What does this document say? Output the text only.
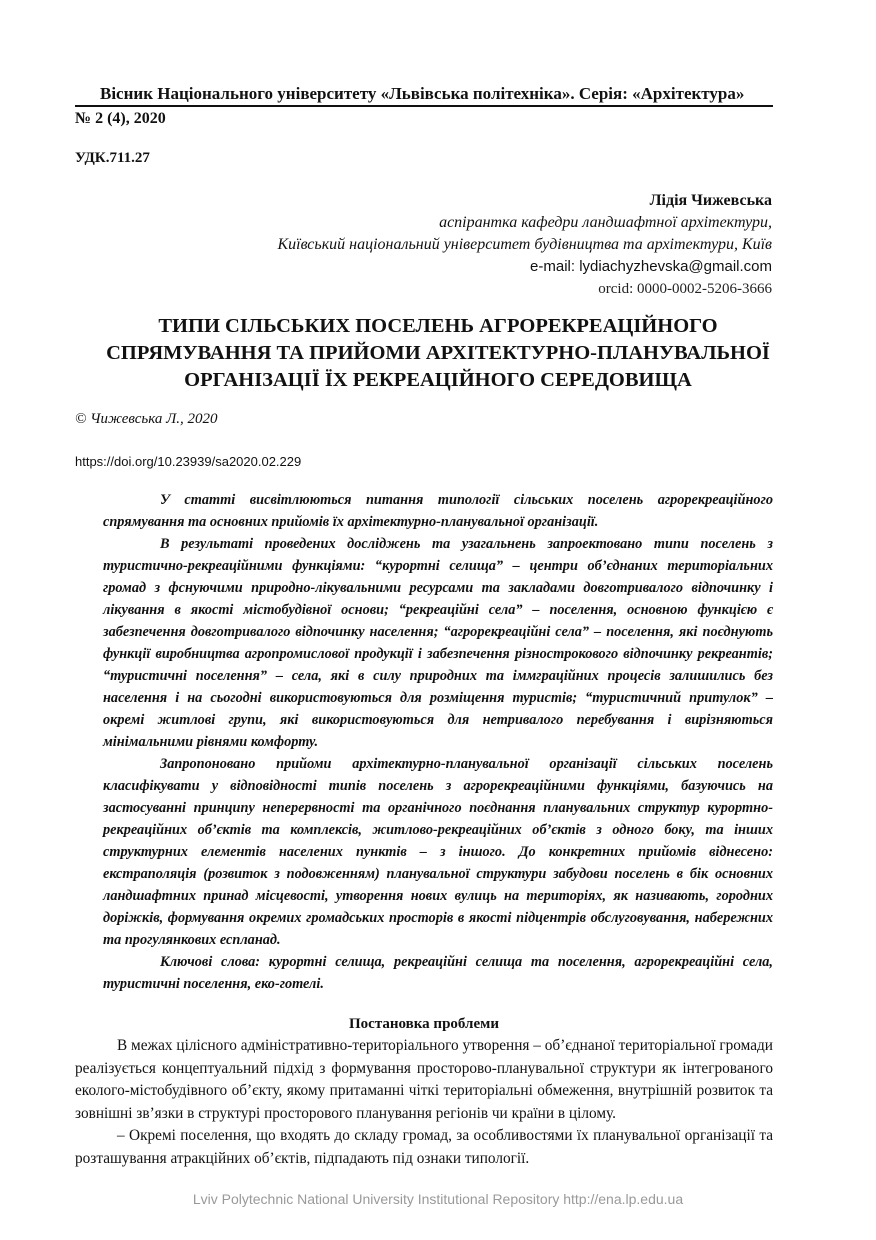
Вісник Національного університету «Львівська політехніка». Серія: «Архітектура»
№ 2 (4), 2020
УДК.711.27
Лідія Чижевська
аспірантка кафедри ландшафтної архітектури,
Київський національний університет будівництва та архітектури, Київ
e-mail: lydiachyzhevska@gmail.com
orcid: 0000-0002-5206-3666
ТИПИ СІЛЬСЬКИХ ПОСЕЛЕНЬ АГРОРЕКРЕАЦІЙНОГО
СПРЯМУВАННЯ ТА ПРИЙОМИ АРХІТЕКТУРНО-ПЛАНУВАЛЬНОЇ
ОРГАНІЗАЦІЇ ЇХ РЕКРЕАЦІЙНОГО СЕРЕДОВИЩА
© Чижевська Л., 2020
https://doi.org/10.23939/sa2020.02.229

У статті висвітлюються питання типології сільських поселень агрорекреаційного спрямування та основних прийомів їх архітектурно-планувальної організації.

В результаті проведених досліджень та узагальнень запроектовано типи поселень з туристично-рекреаційними функціями: “курортні селища” – центри об’єднаних територіальних громад з фснуючими природно-лікувальними ресурсами та закладами довготривалого відпочинку і лікування в якості містобудівної основи; “рекреаційні села” – поселення, основною функцією є забезпечення довготривалого відпочинку населення; “агрорекреаційні села” – поселення, які поєднують функції виробництва агропромислової продукції і забезпечення різнострокового відпочинку рекреантів; “туристичні поселення” – села, які в силу природних та іммграційних процесів залишились без населення і на сьогодні використовуються для розміщення туристів; “туристичний притулок” – окремі житлові групи, які використовуються для нетривалого перебування і вирізняються мінімальними рівнями комфорту.

Запропоновано прийоми архітектурно-планувальної організації сільських поселень класифікувати у відповідності типів поселень з агрорекреаційними функціями, базуючись на застосуванні принципу неперервності та органічного поєднання планувальних структур курортно-рекреаційних об’єктів та комплексів, житлово-рекреаційних об’єктів з одного боку, та інших структурних елементів населених пунктів – з іншого. До конкретних прийомів віднесено: екстраполяція (розвиток з подовженням) планувальної структури забудови поселень в бік основних ландшафтних принад місцевості, утворення нових вулиць на територіях, як називають, городних доріжків, формування окремих громадських просторів в якості підцентрів обслуговування, набережних та прогулянкових еспланад.

Ключові слова: курортні селища, рекреаційні селища та поселення, агрорекреаційні села, туристичні поселення, еко-готелі.

Постановка проблеми

В межах цілісного адміністративно-територіального утворення – об’єднаної територіальної громади реалізується концептуальний підхід з формування просторово-планувальної структури як інтегрованого еколого-містобудівного об’єкту, якому притаманні чіткі територіальні обмеження, внутрішній розвиток та зовнішні зв’язки в структурі просторового планування регіонів чи країни в цілому.

– Окремі поселення, що входять до складу громад, за особливостями їх планувальної організації та розташування атракційних об’єктів, підпадають під ознаки типології.

Lviv Polytechnic National University Institutional Repository http://ena.lp.edu.ua
